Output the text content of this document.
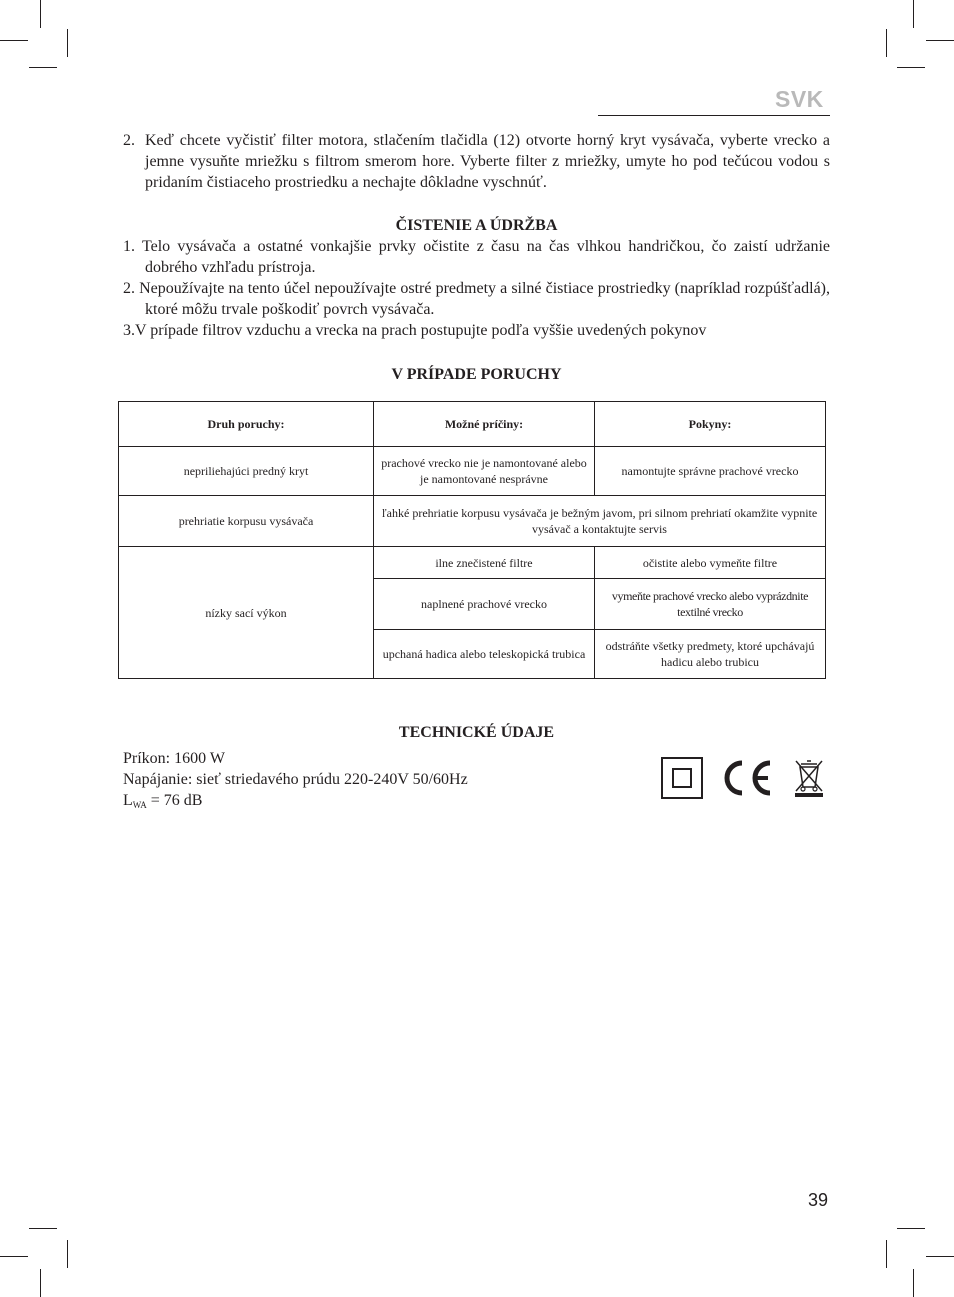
SVK
2. Keď chcete vyčistiť filter motora, stlačením tlačidla (12) otvorte horný kryt vysávača, vyberte vrecko a jemne vysuňte mriežku s filtrom smerom hore. Vyberte filter z mriežky, umyte ho pod tečúcou vodou s pridaním čistiaceho prostriedku a nechajte dôkladne vyschnúť.
ČISTENIE A ÚDRŽBA
1. Telo vysávača a ostatné vonkajšie prvky očistite z času na čas vlhkou handričkou, čo zaistí udržanie dobrého vzhľadu prístroja.
2. Nepoužívajte na tento účel nepoužívajte ostré predmety a silné čistiace prostriedky (napríklad rozpúšťadlá), ktoré môžu trvale poškodiť povrch vysávača.
3.V prípade filtrov vzduchu a vrecka na prach postupujte podľa vyššie uvedených pokynov
V PRÍPADE PORUCHY
Druh poruchy:	Možné príčiny:	Pokyny:
nepriliehajúci predný kryt	prachové vrecko nie je namontované alebo je namontované nesprávne	namontujte správne prachové vrecko
prehriatie korpusu vysávača	ľahké prehriatie korpusu vysávača je bežným javom, pri silnom prehriatí okamžite vypnite vysávač a kontaktujte servis	
nízky sací výkon	ilne znečistené filtre	očistite alebo vymeňte filtre
	naplnené prachové vrecko	vymeňte prachové vrecko alebo vyprázdnite textilné vrecko
	upchaná hadica alebo teleskopická trubica	odstráňte všetky predmety, ktoré upchávajú hadicu alebo trubicu
TECHNICKÉ ÚDAJE
Príkon: 1600 W
Napájanie: sieť striedavého prúdu 220-240V 50/60Hz
$L_{WA} = 76$ dB
39
